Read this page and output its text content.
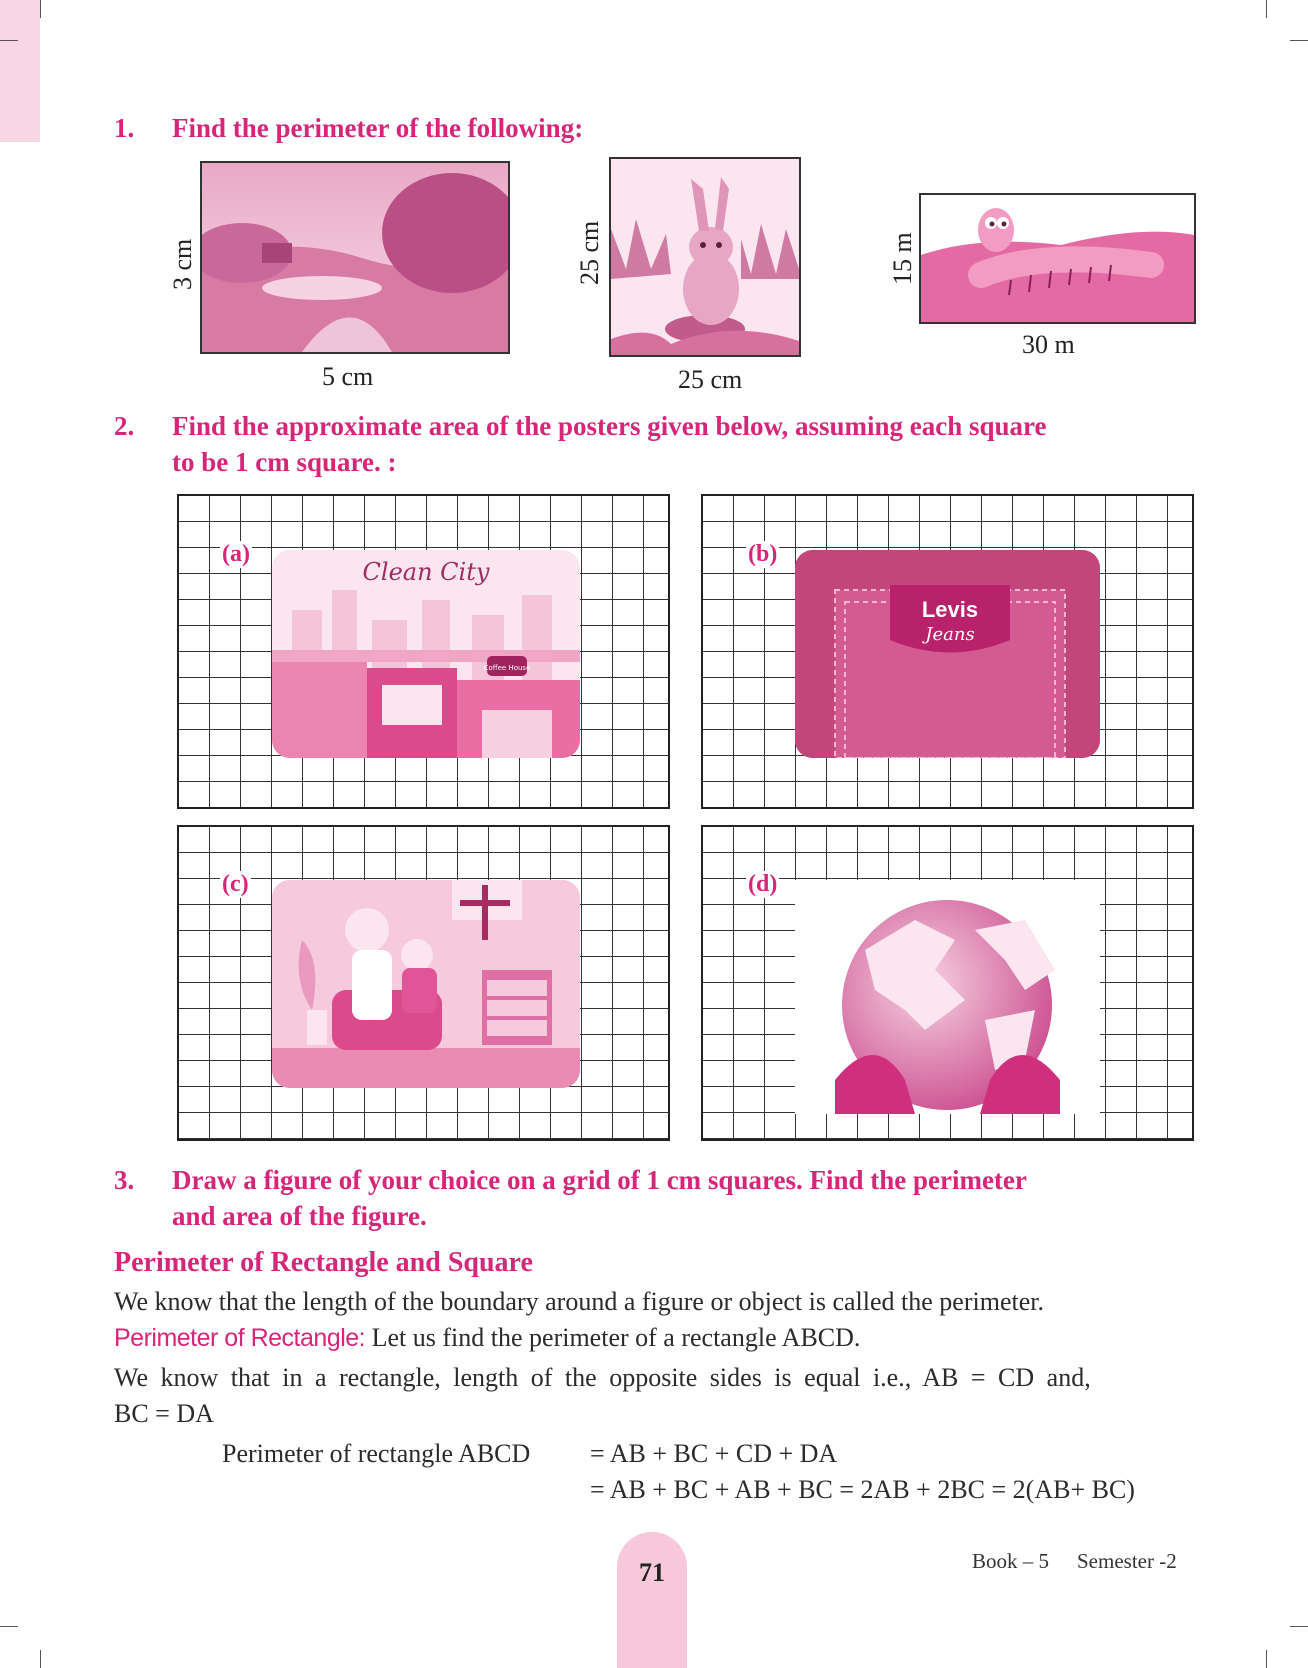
1. Find the perimeter of the following:
3 cm
5 cm
25 cm
25 cm
15 m
30 m
2. Find the approximate area of the posters given below, assuming each square
to be 1 cm square. :
Clean City
Coffee House
(a)
Levis
Jeans
(b)
(c)	(d)
3. Draw a figure of your choice on a grid of 1 cm squares. Find the perimeter
and area of the figure.
Perimeter of Rectangle and Square
We know that the length of the boundary around a figure or object is called the perimeter.
Perimeter of Rectangle: Let us find the perimeter of a rectangle ABCD.
We know that in a rectangle, length of the opposite sides is equal i.e., AB = CD and,
BC = DA
Perimeter of rectangle ABCD = AB + BC + CD + DA
= AB + BC + AB + BC = 2AB + 2BC = 2(AB+ BC)
71	Book – 5 Semester -2
